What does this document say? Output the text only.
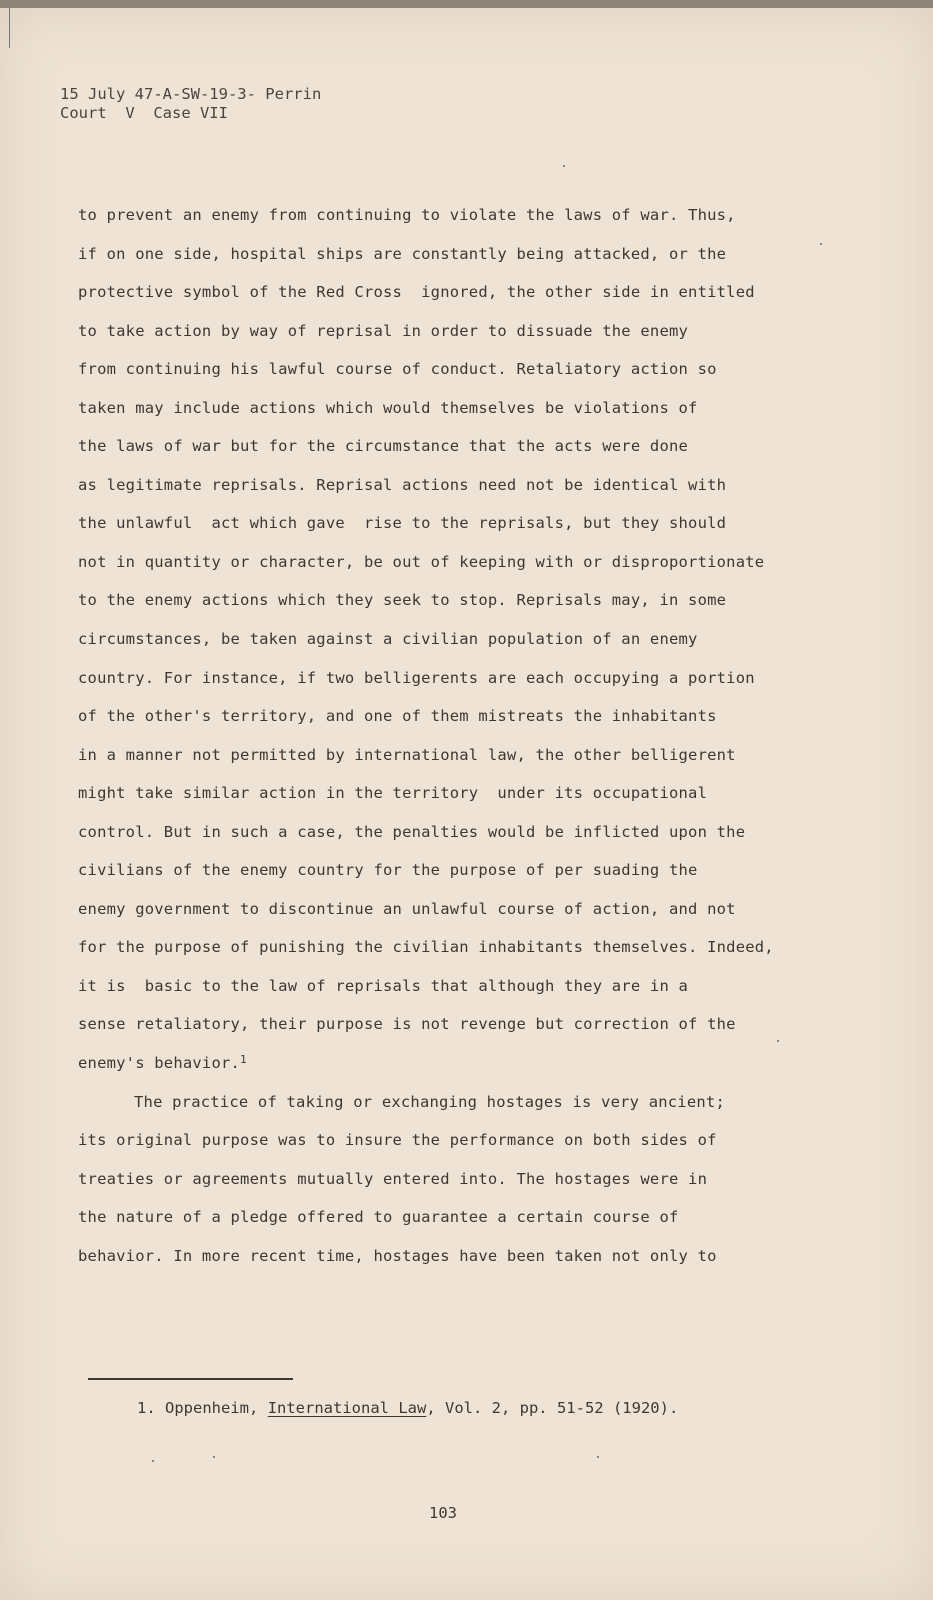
15 July 47-A-SW-19-3- Perrin
Court  V  Case VII
to prevent an enemy from continuing to violate the laws of war. Thus,
if on one side, hospital ships are constantly being attacked, or the
protective symbol of the Red Cross  ignored, the other side in entitled
to take action by way of reprisal in order to dissuade the enemy
from continuing his lawful course of conduct. Retaliatory action so
taken may include actions which would themselves be violations of
the laws of war but for the circumstance that the acts were done
as legitimate reprisals. Reprisal actions need not be identical with
the unlawful  act which gave  rise to the reprisals, but they should
not in quantity or character, be out of keeping with or disproportionate
to the enemy actions which they seek to stop. Reprisals may, in some
circumstances, be taken against a civilian population of an enemy
country. For instance, if two belligerents are each occupying a portion
of the other's territory, and one of them mistreats the inhabitants
in a manner not permitted by international law, the other belligerent
might take similar action in the territory  under its occupational
control. But in such a case, the penalties would be inflicted upon the
civilians of the enemy country for the purpose of per suading the
enemy government to discontinue an unlawful course of action, and not
for the purpose of punishing the civilian inhabitants themselves. Indeed,
it is  basic to the law of reprisals that although they are in a
sense retaliatory, their purpose is not revenge but correction of the
enemy's behavior.$^1$
The practice of taking or exchanging hostages is very ancient;
its original purpose was to insure the performance on both sides of
treaties or agreements mutually entered into. The hostages were in
the nature of a pledge offered to guarantee a certain course of
behavior. In more recent time, hostages have been taken not only to
1. Oppenheim, International Law, Vol. 2, pp. 51-52 (1920).
103
